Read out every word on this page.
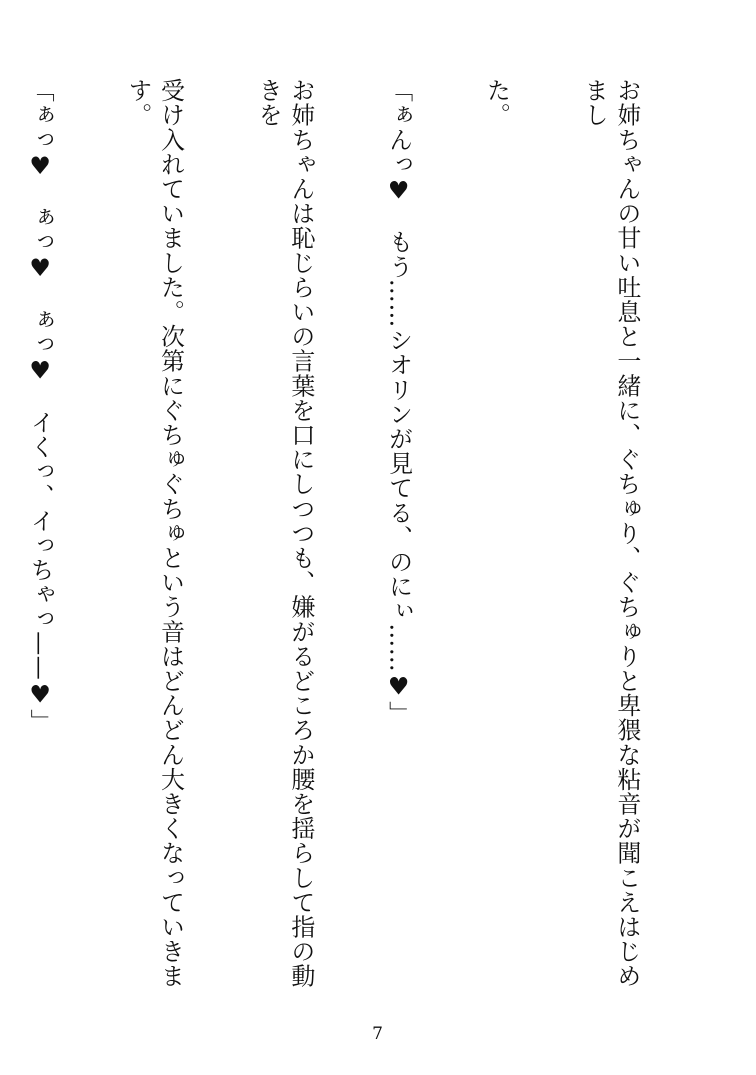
お姉ちゃんの甘い吐息と一緒に、ぐちゅり、ぐちゅりと卑猥な粘音が聞こえはじめまし

た。

「ぁんっ♥　もう……シオリンが見てる、のにぃ……♥」

お姉ちゃんは恥じらいの言葉を口にしつつも、嫌がるどころか腰を揺らして指の動きを

受け入れていました。次第にぐちゅぐちゅという音はどんどん大きくなっていきます。

「ぁっ♥　ぁっ♥　ぁっ♥　イくっ、イっちゃっ——♥」

7
